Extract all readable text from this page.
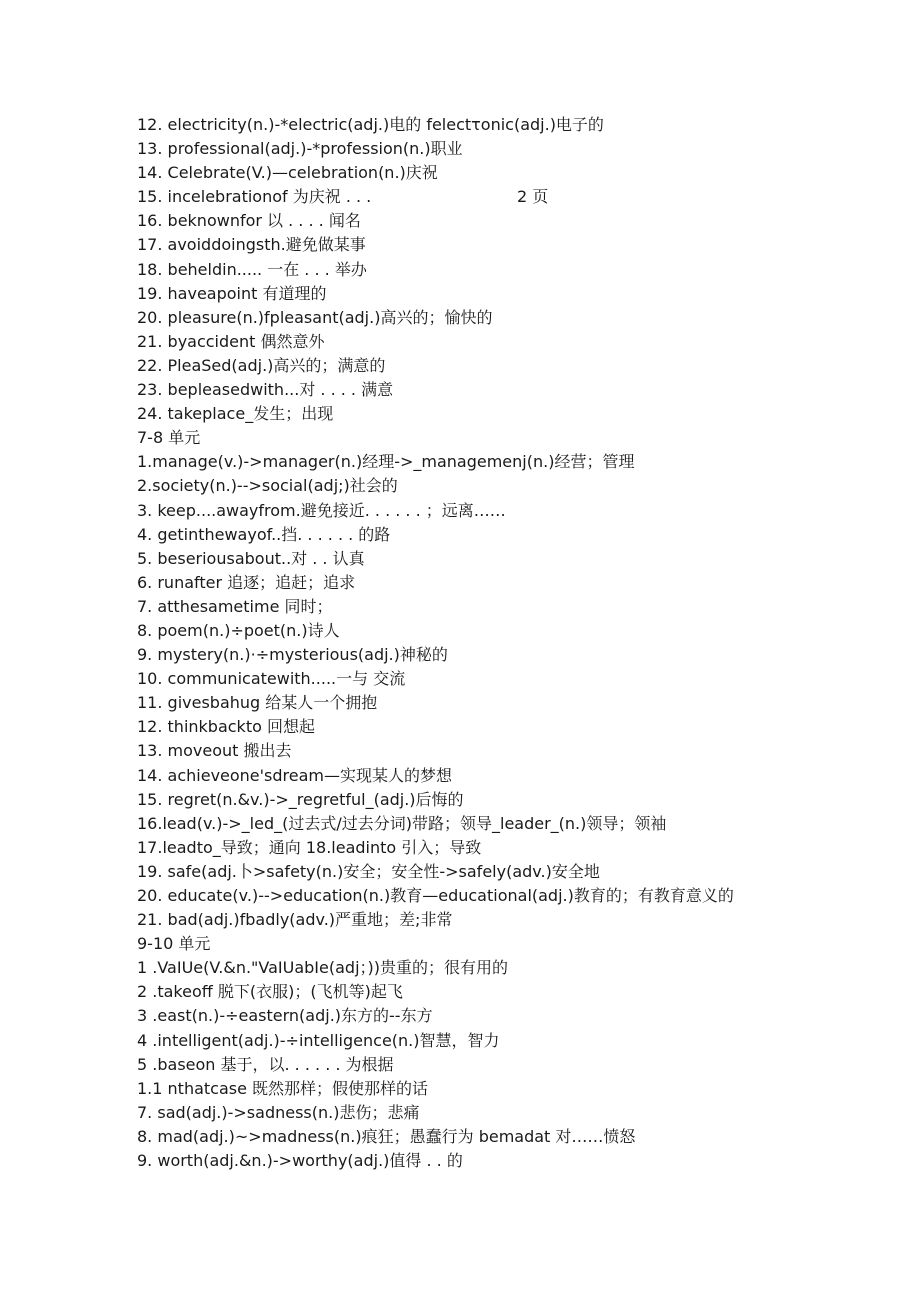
12. electricity(n.)-*electric(adj.)电的 felectτonic(adj.)电子的
13. professional(adj.)-*profession(n.)职业
14. Celebrate(V.)—celebration(n.)庆祝
15. incelebrationof 为庆祝 . . .
16. beknownfor 以 . . . . 闻名
17. avoiddoingsth.避免做某事
18. beheldin..... 一在 . . . 举办
19. haveapoint 有道理的
20. pleasure(n.)fpleasant(adj.)高兴的；愉快的
21. byaccident 偶然意外
22. PleaSed(adj.)高兴的；满意的
23. bepleasedwith...对 . . . . 满意
24. takeplace_发生；出现
7-8 单元
1.manage(v.)->manager(n.)经理->_managemenj(n.)经营；管理
2.society(n.)-->social(adj;)社会的
3. keep....awayfrom.避免接近. . . . . . ；远离……
4. getinthewayof..挡. . . . . . 的路
5. beseriousabout..对 . . 认真
6. runafter 追逐；追赶；追求
7. atthesametime 同时；
8. poem(n.)÷poet(n.)诗人
9. mystery(n.)·÷mysterious(adj.)神秘的
10. communicatewith.....一与 交流
11. givesbahug 给某人一个拥抱
12. thinkbackto 回想起
13. moveout 搬出去
14. achieveone'sdream—实现某人的梦想
15. regret(n.&v.)->_regretful_(adj.)后悔的
16.lead(v.)->_led_(过去式/过去分词)带路；领导_leader_(n.)领导；领袖
17.leadto_导致；通向 18.leadinto 引入；导致
19. safe(adj.卜>safety(n.)安全；安全性->safely(adv.)安全地
20. educate(v.)-->education(n.)教育—educational(adj.)教育的；有教育意义的
21. bad(adj.)fbadly(adv.)严重地；差;非常
9-10 单元
1 .VaIUe(V.&n."VaIUabIe(adj；))贵重的；很有用的
2 .takeoff 脱下(衣服)；(飞机等)起飞
3 .east(n.)-÷eastern(adj.)东方的--东方
4 .intelligent(adj.)-÷intelligence(n.)智慧，智力
5 .baseon 基于，以. . . . . . 为根据
1.1 nthatcase 既然那样；假使那样的话
7. sad(adj.)->sadness(n.)悲伤；悲痛
8. mad(adj.)~>madness(n.)痕狂；愚蠢行为 bemadat 对……愤怒
9. worth(adj.&n.)->worthy(adj.)值得 . . 的
2 页
